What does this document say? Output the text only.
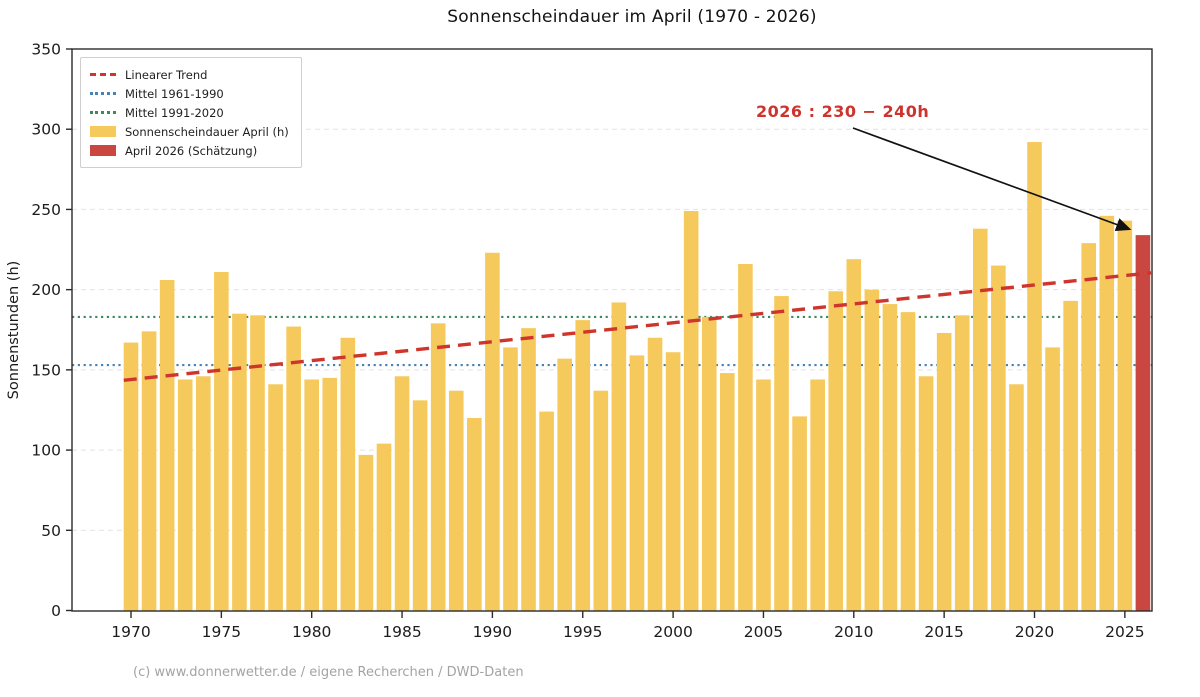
0
50
100
150
200
250
300
350
1970	1975	1980	1985	1990	1995	2000	2005	2010	2015	2020	2025
Sonnenscheindauer im April (1970 - 2026)
Sonnenstunden (h)
Linearer Trend
Mittel 1961-1990
Mittel 1991-2020
Sonnenscheindauer April (h)
April 2026 (Schätzung)
2026 : 230 − 240h
(c) www.donnerwetter.de / eigene Recherchen / DWD-Daten
